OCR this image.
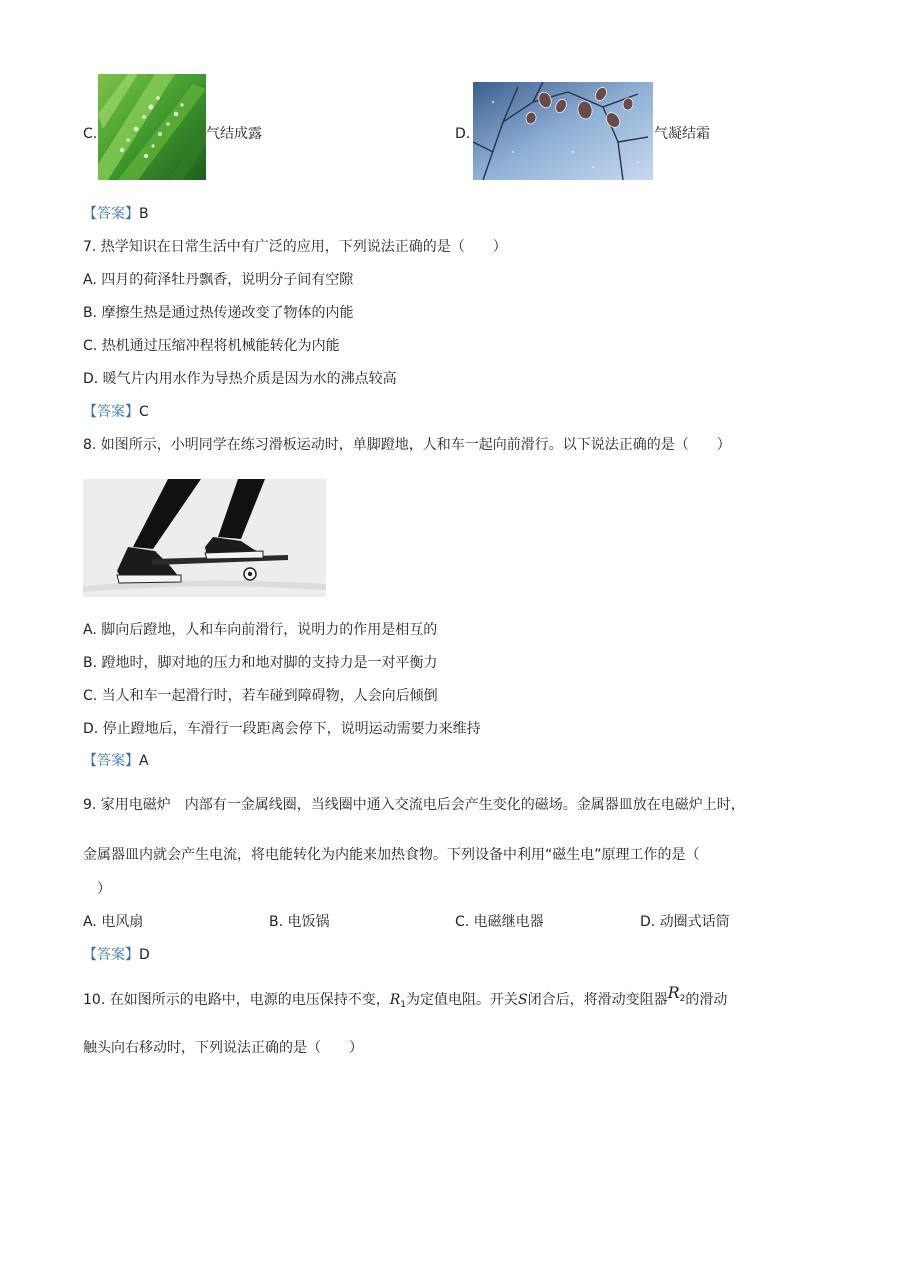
C.	气结成露	D.	气凝结霜
【答案】B
7. 热学知识在日常生活中有广泛的应用，下列说法正确的是（　　）
A. 四月的荷泽牡丹飘香，说明分子间有空隙
B. 摩擦生热是通过热传递改变了物体的内能
C. 热机通过压缩冲程将机械能转化为内能
D. 暖气片内用水作为导热介质是因为水的沸点较高
【答案】C
8. 如图所示，小明同学在练习滑板运动时，单脚蹬地，人和车一起向前滑行。以下说法正确的是（　　）
A. 脚向后蹬地，人和车向前滑行，说明力的作用是相互的
B. 蹬地时，脚对地的压力和地对脚的支持力是一对平衡力
C. 当人和车一起滑行时，若车碰到障碍物，人会向后倾倒
D. 停止蹬地后，车滑行一段距离会停下，说明运动需要力来维持
【答案】A
9. 家用电磁炉　内部有一金属线圈，当线圈中通入交流电后会产生变化的磁场。金属器皿放在电磁炉上时，
金属器皿内就会产生电流，将电能转化为内能来加热食物。下列设备中利用“磁生电”原理工作的是（
）
A. 电风扇	B. 电饭锅	C. 电磁继电器	D. 动圈式话筒
【答案】D
10. 在如图所示的电路中，电源的电压保持不变，$R_1$为定值电阻。开关S闭合后，将滑动变阻器$R_2$的滑动
触头向右移动时，下列说法正确的是（　　）
